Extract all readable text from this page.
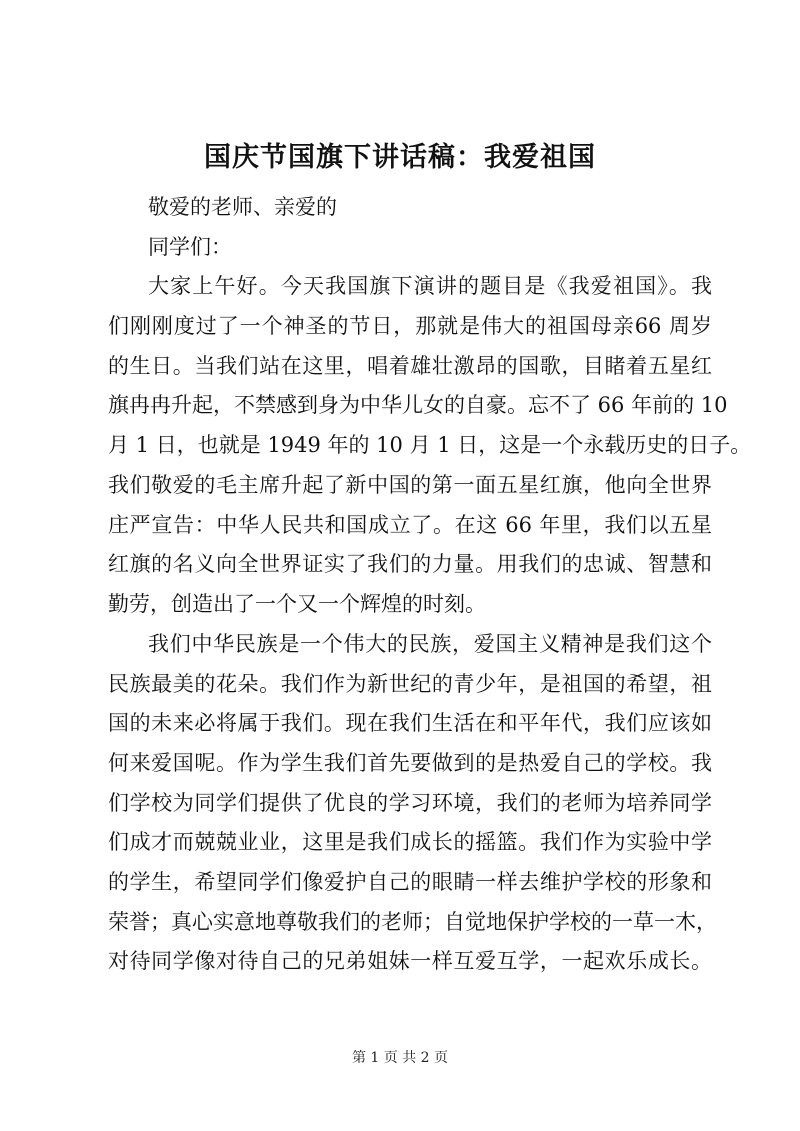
国庆节国旗下讲话稿：我爱祖国
敬爱的老师、亲爱的
同学们：
大家上午好。今天我国旗下演讲的题目是《我爱祖国》。我
们刚刚度过了一个神圣的节日，那就是伟大的祖国母亲66 周岁
的生日。当我们站在这里，唱着雄壮激昂的国歌，目睹着五星红
旗冉冉升起，不禁感到身为中华儿女的自豪。忘不了 66 年前的 10
月 1 日，也就是 1949 年的 10 月 1 日，这是一个永载历史的日子。
我们敬爱的毛主席升起了新中国的第一面五星红旗，他向全世界
庄严宣告：中华人民共和国成立了。在这 66 年里，我们以五星
红旗的名义向全世界证实了我们的力量。用我们的忠诚、智慧和
勤劳，创造出了一个又一个辉煌的时刻。
我们中华民族是一个伟大的民族，爱国主义精神是我们这个
民族最美的花朵。我们作为新世纪的青少年，是祖国的希望，祖
国的未来必将属于我们。现在我们生活在和平年代，我们应该如
何来爱国呢。作为学生我们首先要做到的是热爱自己的学校。我
们学校为同学们提供了优良的学习环境，我们的老师为培养同学
们成才而兢兢业业，这里是我们成长的摇篮。我们作为实验中学
的学生，希望同学们像爱护自己的眼睛一样去维护学校的形象和
荣誉；真心实意地尊敬我们的老师；自觉地保护学校的一草一木，
对待同学像对待自己的兄弟姐妹一样互爱互学，一起欢乐成长。
第 1 页 共 2 页
